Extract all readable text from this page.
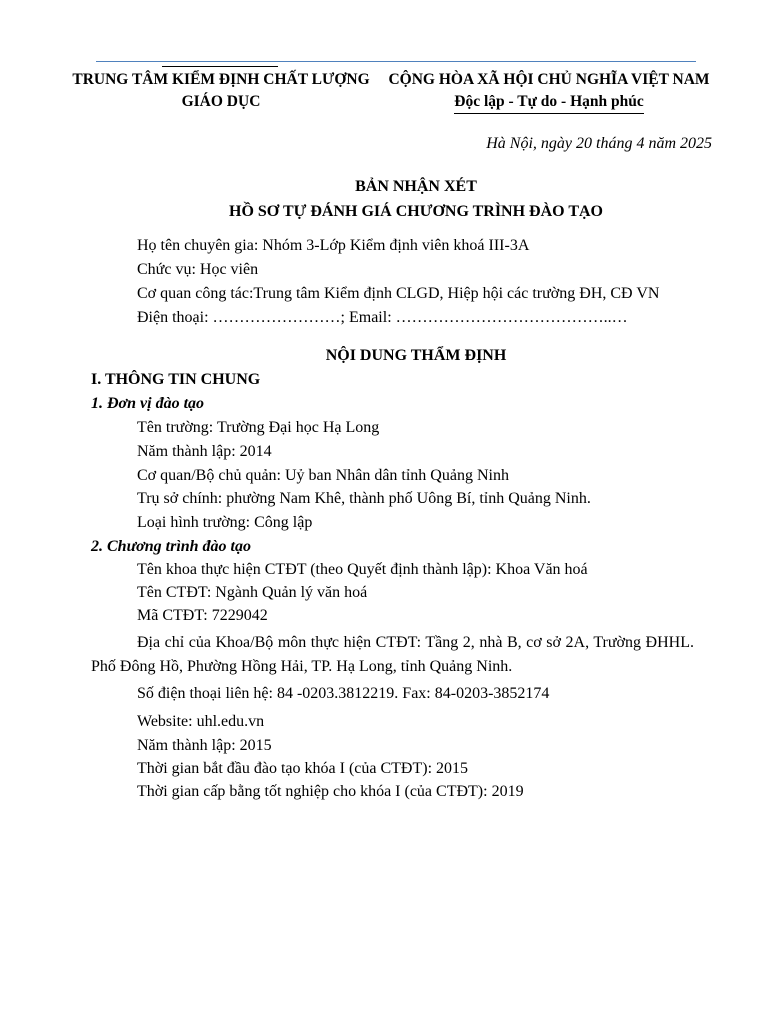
TRUNG TÂM KIỂM ĐỊNH CHẤT LƯỢNG
GIÁO DỤC
CỘNG HÒA XÃ HỘI CHỦ NGHĨA VIỆT NAM
Độc lập - Tự do - Hạnh phúc
Hà Nội, ngày 20 tháng 4 năm 2025
BẢN NHẬN XÉT
HỒ SƠ TỰ ĐÁNH GIÁ CHƯƠNG TRÌNH ĐÀO TẠO
Họ tên chuyên gia: Nhóm 3-Lớp Kiểm định viên khoá III-3A
Chức vụ: Học viên
Cơ quan công tác:Trung tâm Kiểm định CLGD, Hiệp hội các trường ĐH, CĐ VN
Điện thoại: ……………………; Email: …………………………………..…
NỘI DUNG THẨM ĐỊNH
I. THÔNG TIN CHUNG
1. Đơn vị đào tạo
Tên trường: Trường Đại học Hạ Long
Năm thành lập: 2014
Cơ quan/Bộ chủ quản: Uỷ ban Nhân dân tỉnh Quảng Ninh
Trụ sở chính: phường Nam Khê, thành phố Uông Bí, tỉnh Quảng Ninh.
Loại hình trường: Công lập
2. Chương trình đào tạo
Tên khoa thực hiện CTĐT (theo Quyết định thành lập): Khoa Văn hoá
Tên CTĐT: Ngành Quản lý văn hoá
Mã CTĐT: 7229042
Địa chỉ của Khoa/Bộ môn thực hiện CTĐT: Tầng 2, nhà B, cơ sở 2A, Trường ĐHHL. Phố Đông Hồ, Phường Hồng Hải, TP. Hạ Long, tỉnh Quảng Ninh.
Số điện thoại liên hệ: 84 -0203.3812219. Fax: 84-0203-3852174
Website: uhl.edu.vn
Năm thành lập: 2015
Thời gian bắt đầu đào tạo khóa I (của CTĐT): 2015
Thời gian cấp bằng tốt nghiệp cho khóa I (của CTĐT): 2019
